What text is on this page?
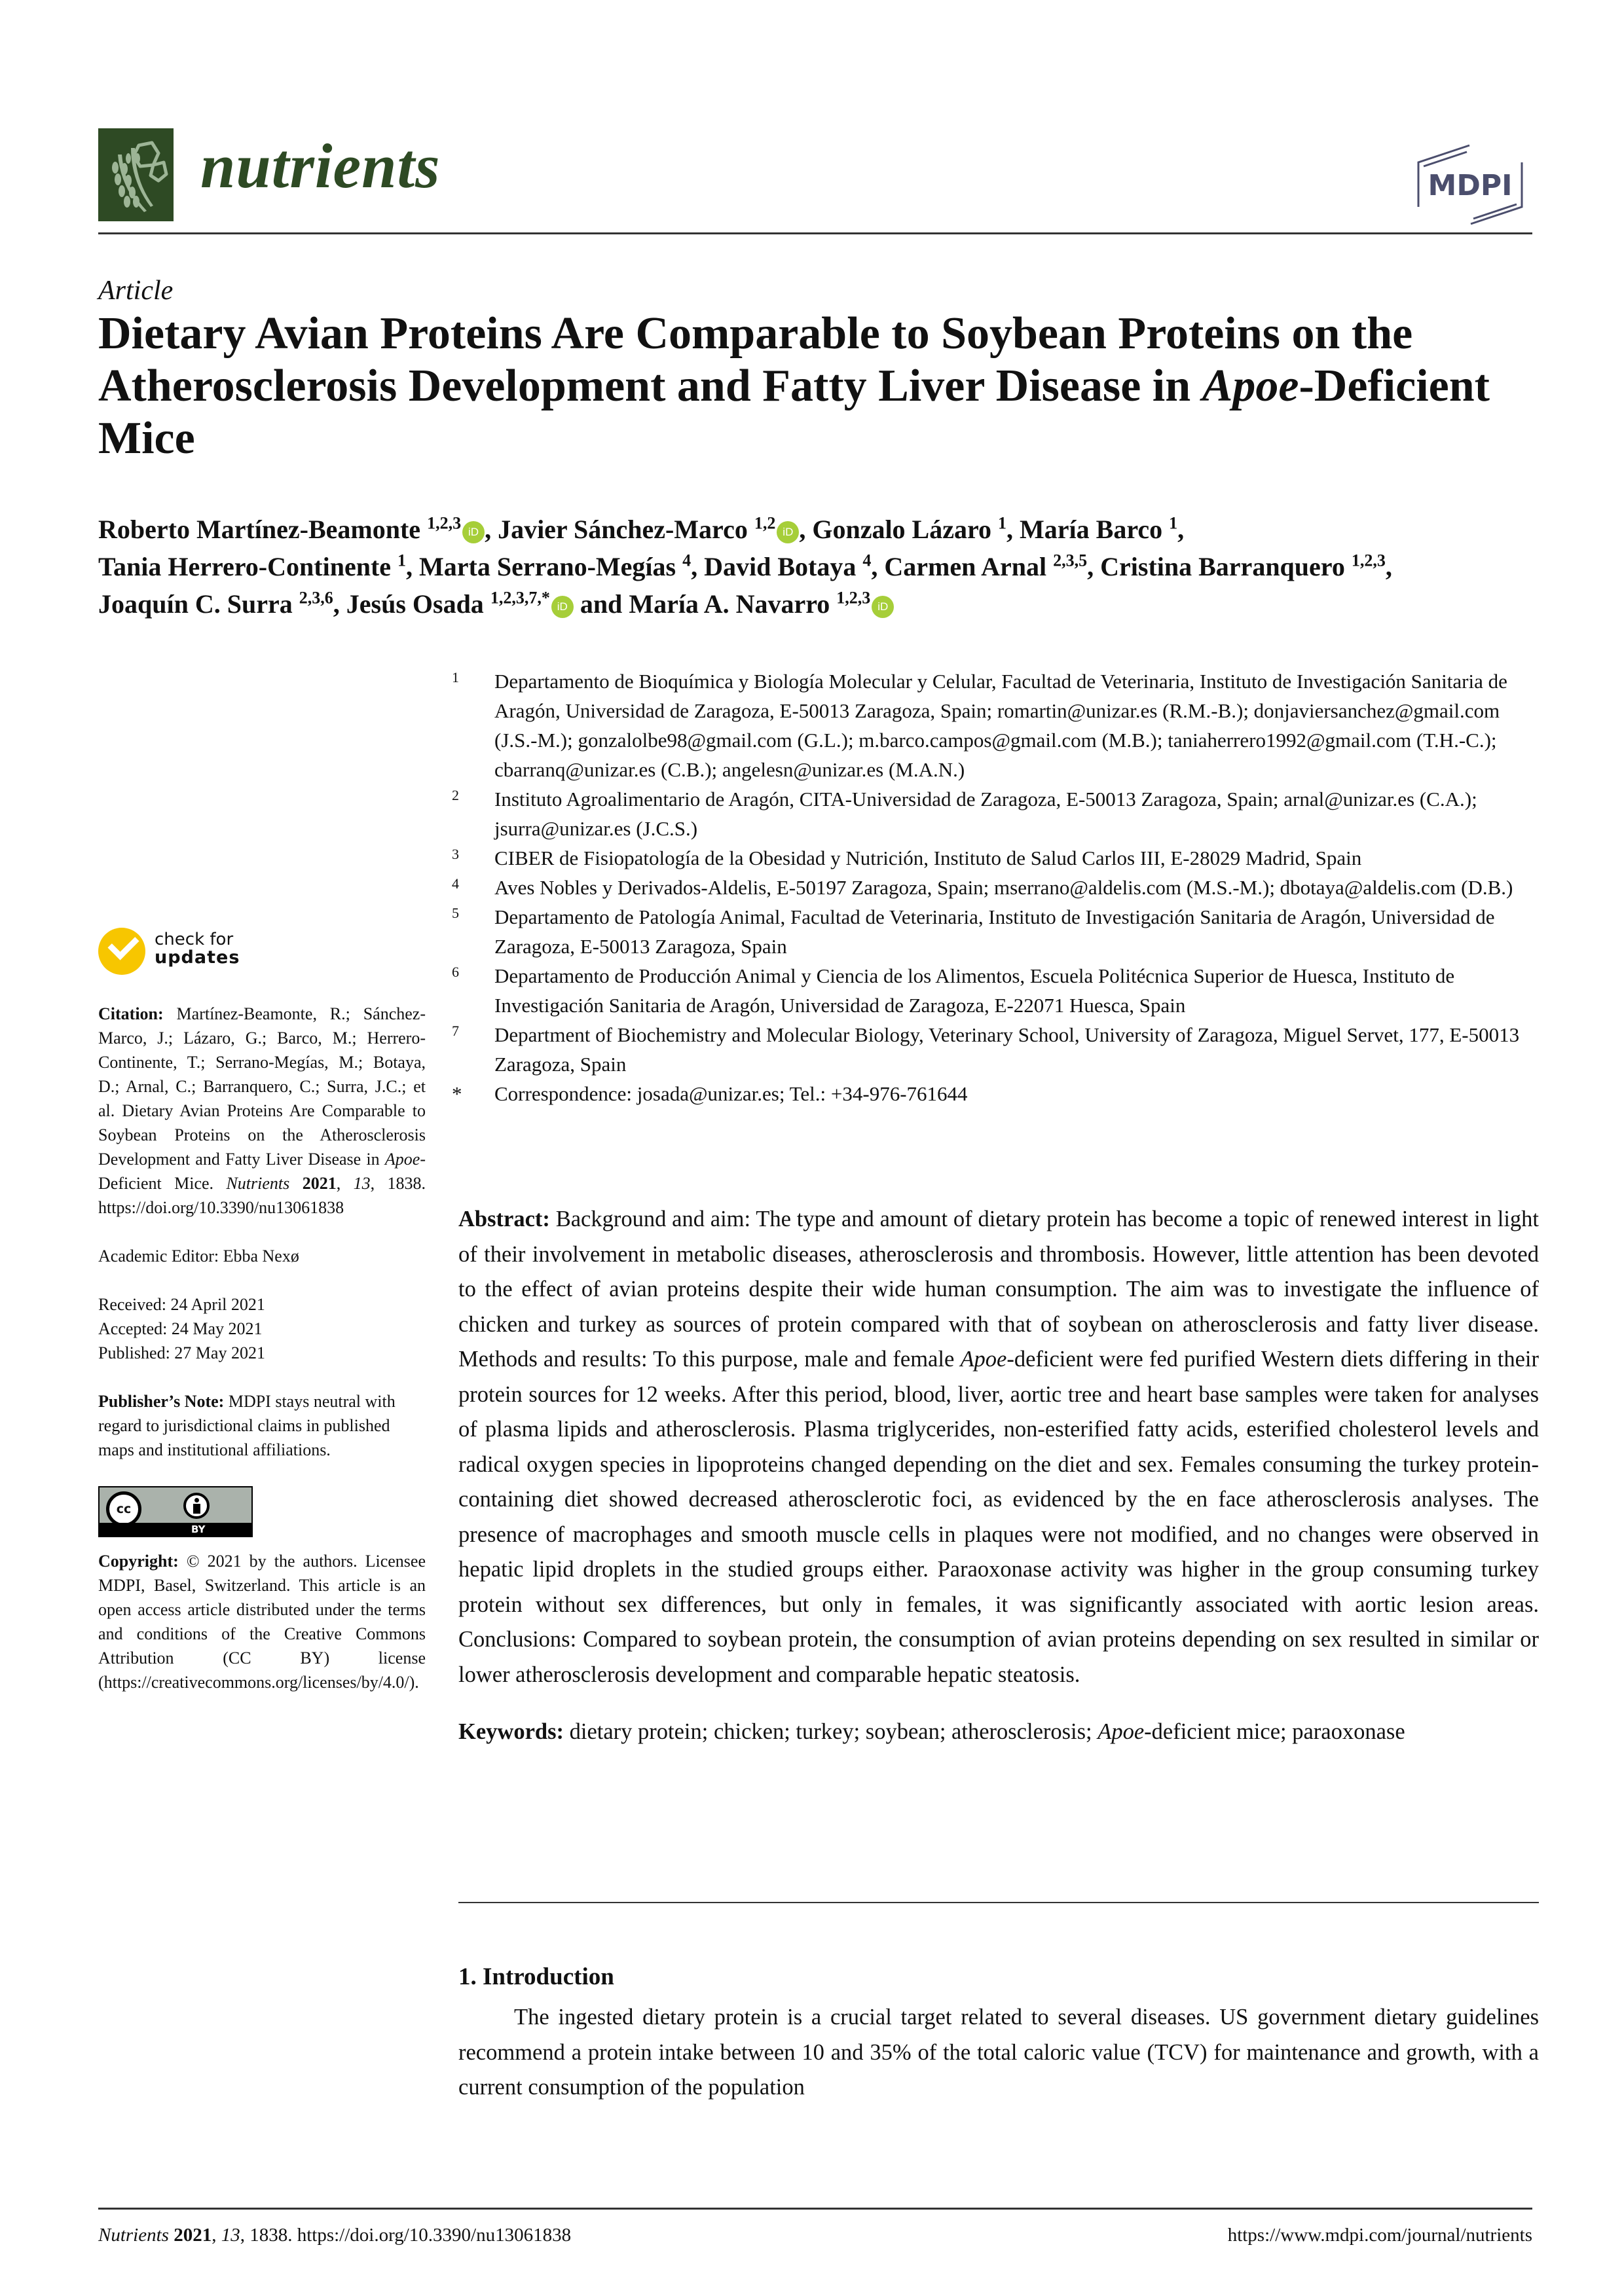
nutrients	MDPI
Article
Dietary Avian Proteins Are Comparable to Soybean Proteins on the Atherosclerosis Development and Fatty Liver Disease in Apoe-Deficient Mice
Roberto Martínez-Beamonte $^{1,2,3}$ iD , Javier Sánchez-Marco $^{1,2}$ iD , Gonzalo Lázaro $^1$, María Barco $^1$,
Tania Herrero-Continente $^1$, Marta Serrano-Megías $^4$, David Botaya $^4$, Carmen Arnal $^{2,3,5}$, Cristina Barranquero $^{1,2,3}$,
Joaquín C. Surra $^{2,3,6}$, Jesús Osada $^{1,2,3,7,*}$ iD and María A. Navarro $^{1,2,3}$ iD
1 Departamento de Bioquímica y Biología Molecular y Celular, Facultad de Veterinaria, Instituto de Investigación Sanitaria de Aragón, Universidad de Zaragoza, E-50013 Zaragoza, Spain; romartin@unizar.es (R.M.-B.); donjaviersanchez@gmail.com (J.S.-M.); gonzalolbe98@gmail.com (G.L.); m.barco.campos@gmail.com (M.B.); taniaherrero1992@gmail.com (T.H.-C.); cbarranq@unizar.es (C.B.); angelesn@unizar.es (M.A.N.)
2 Instituto Agroalimentario de Aragón, CITA-Universidad de Zaragoza, E-50013 Zaragoza, Spain; arnal@unizar.es (C.A.); jsurra@unizar.es (J.C.S.)
3 CIBER de Fisiopatología de la Obesidad y Nutrición, Instituto de Salud Carlos III, E-28029 Madrid, Spain
4 Aves Nobles y Derivados-Aldelis, E-50197 Zaragoza, Spain; mserrano@aldelis.com (M.S.-M.); dbotaya@aldelis.com (D.B.)
5 Departamento de Patología Animal, Facultad de Veterinaria, Instituto de Investigación Sanitaria de Aragón, Universidad de Zaragoza, E-50013 Zaragoza, Spain
6 Departamento de Producción Animal y Ciencia de los Alimentos, Escuela Politécnica Superior de Huesca, Instituto de Investigación Sanitaria de Aragón, Universidad de Zaragoza, E-22071 Huesca, Spain
7 Department of Biochemistry and Molecular Biology, Veterinary School, University of Zaragoza, Miguel Servet, 177, E-50013 Zaragoza, Spain
* Correspondence: josada@unizar.es; Tel.: +34-976-761644
check for
updates

Citation: Martínez-Beamonte, R.; Sánchez-Marco, J.; Lázaro, G.; Barco, M.; Herrero-Continente, T.; Serrano-Megías, M.; Botaya, D.; Arnal, C.; Barranquero, C.; Surra, J.C.; et al. Dietary Avian Proteins Are Comparable to Soybean Proteins on the Atherosclerosis Development and Fatty Liver Disease in Apoe-Deficient Mice. Nutrients 2021, 13, 1838. https://doi.org/10.3390/nu13061838

Academic Editor: Ebba Nexø

Received: 24 April 2021

Accepted: 24 May 2021

Published: 27 May 2021

Publisher’s Note: MDPI stays neutral with regard to jurisdictional claims in published maps and institutional affiliations.

cc
BY

Copyright: © 2021 by the authors. Licensee MDPI, Basel, Switzerland. This article is an open access article distributed under the terms and conditions of the Creative Commons Attribution (CC BY) license (https://creativecommons.org/licenses/by/4.0/).

Abstract: Background and aim: The type and amount of dietary protein has become a topic of renewed interest in light of their involvement in metabolic diseases, atherosclerosis and thrombosis. However, little attention has been devoted to the effect of avian proteins despite their wide human consumption. The aim was to investigate the influence of chicken and turkey as sources of protein compared with that of soybean on atherosclerosis and fatty liver disease. Methods and results: To this purpose, male and female Apoe-deficient were fed purified Western diets differing in their protein sources for 12 weeks. After this period, blood, liver, aortic tree and heart base samples were taken for analyses of plasma lipids and atherosclerosis. Plasma triglycerides, non-esterified fatty acids, esterified cholesterol levels and radical oxygen species in lipoproteins changed depending on the diet and sex. Females consuming the turkey protein-containing diet showed decreased atherosclerotic foci, as evidenced by the en face atherosclerosis analyses. The presence of macrophages and smooth muscle cells in plaques were not modified, and no changes were observed in hepatic lipid droplets in the studied groups either. Paraoxonase activity was higher in the group consuming turkey protein without sex differences, but only in females, it was significantly associated with aortic lesion areas. Conclusions: Compared to soybean protein, the consumption of avian proteins depending on sex resulted in similar or lower atherosclerosis development and comparable hepatic steatosis.

Keywords: dietary protein; chicken; turkey; soybean; atherosclerosis; Apoe-deficient mice; paraoxonase

1. Introduction

The ingested dietary protein is a crucial target related to several diseases. US government dietary guidelines recommend a protein intake between 10 and 35% of the total caloric value (TCV) for maintenance and growth, with a current consumption of the population

Nutrients 2021, 13, 1838. https://doi.org/10.3390/nu13061838	https://www.mdpi.com/journal/nutrients
